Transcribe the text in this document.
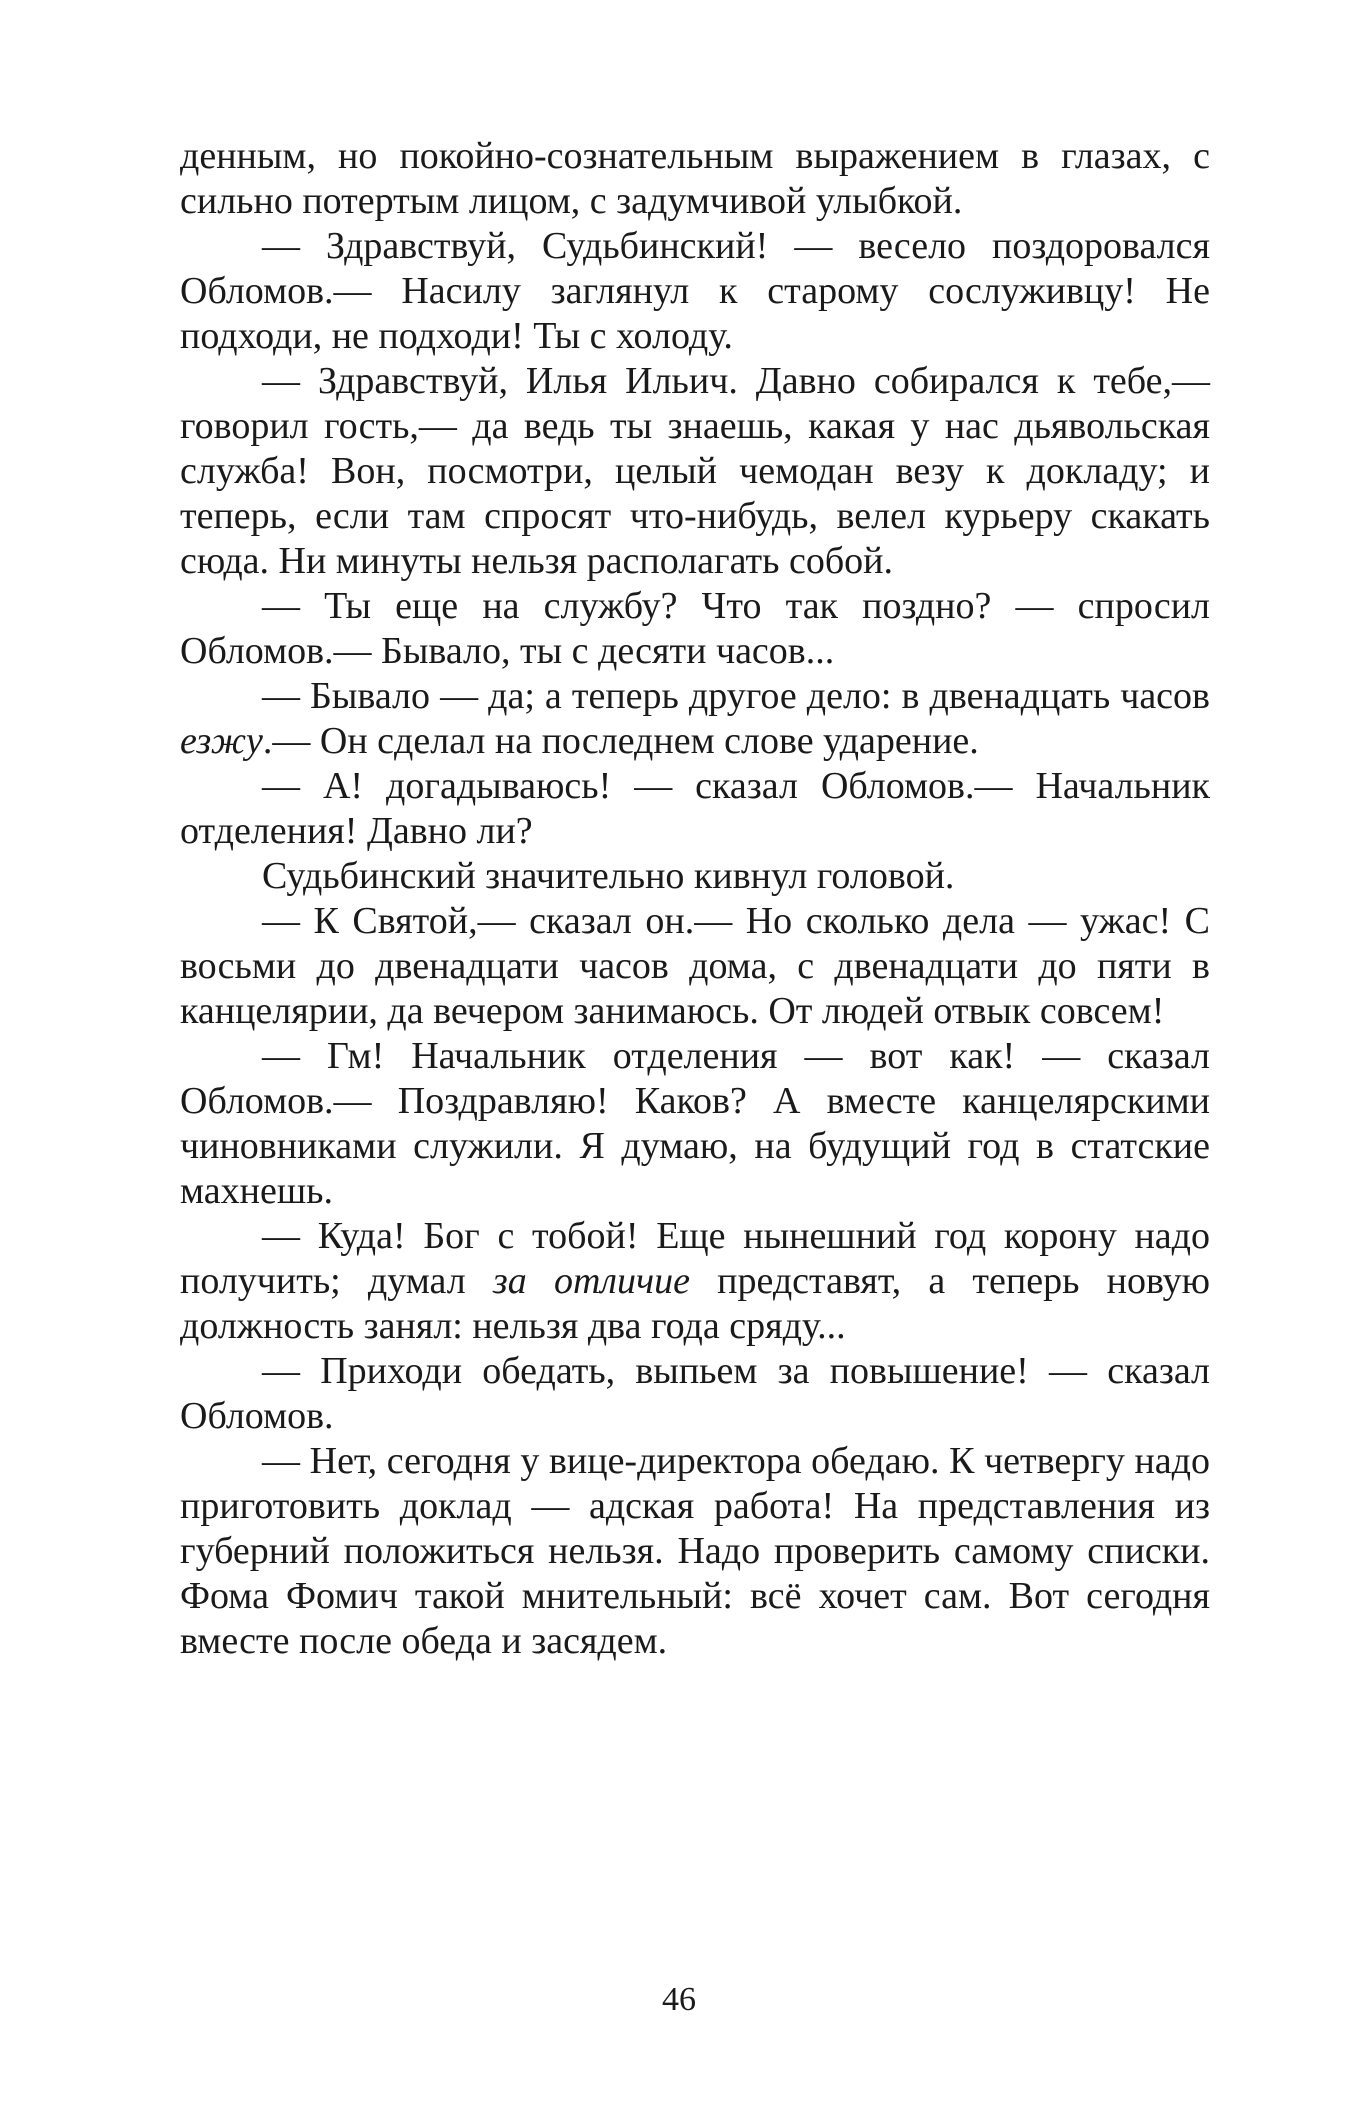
денным, но покойно-сознательным выражением в глазах, с сильно потертым лицом, с задумчивой улыбкой.

— Здравствуй, Судьбинский! — весело поздоровался Обломов.— Насилу заглянул к старому сослуживцу! Не подходи, не подходи! Ты с холоду.

— Здравствуй, Илья Ильич. Давно собирался к тебе,— говорил гость,— да ведь ты знаешь, какая у нас дьявольская служба! Вон, посмотри, целый чемодан везу к докладу; и теперь, если там спросят что-нибудь, велел курьеру скакать сюда. Ни минуты нельзя располагать собой.

— Ты еще на службу? Что так поздно? — спросил Обломов.— Бывало, ты с десяти часов...

— Бывало — да; а теперь другое дело: в двенадцать часов езжу.— Он сделал на последнем слове ударение.

— А! догадываюсь! — сказал Обломов.— Начальник отделения! Давно ли?

Судьбинский значительно кивнул головой.

— К Святой,— сказал он.— Но сколько дела — ужас! С восьми до двенадцати часов дома, с двенадцати до пяти в канцелярии, да вечером занимаюсь. От людей отвык совсем!

— Гм! Начальник отделения — вот как! — сказал Обломов.— Поздравляю! Каков? А вместе канцелярскими чиновниками служили. Я думаю, на будущий год в статские махнешь.

— Куда! Бог с тобой! Еще нынешний год корону надо получить; думал за отличие представят, а теперь новую должность занял: нельзя два года сряду...

— Приходи обедать, выпьем за повышение! — сказал Обломов.

— Нет, сегодня у вице-директора обедаю. К четвергу надо приготовить доклад — адская работа! На представления из губерний положиться нельзя. Надо проверить самому списки. Фома Фомич такой мнительный: всё хочет сам. Вот сегодня вместе после обеда и засядем.

46
